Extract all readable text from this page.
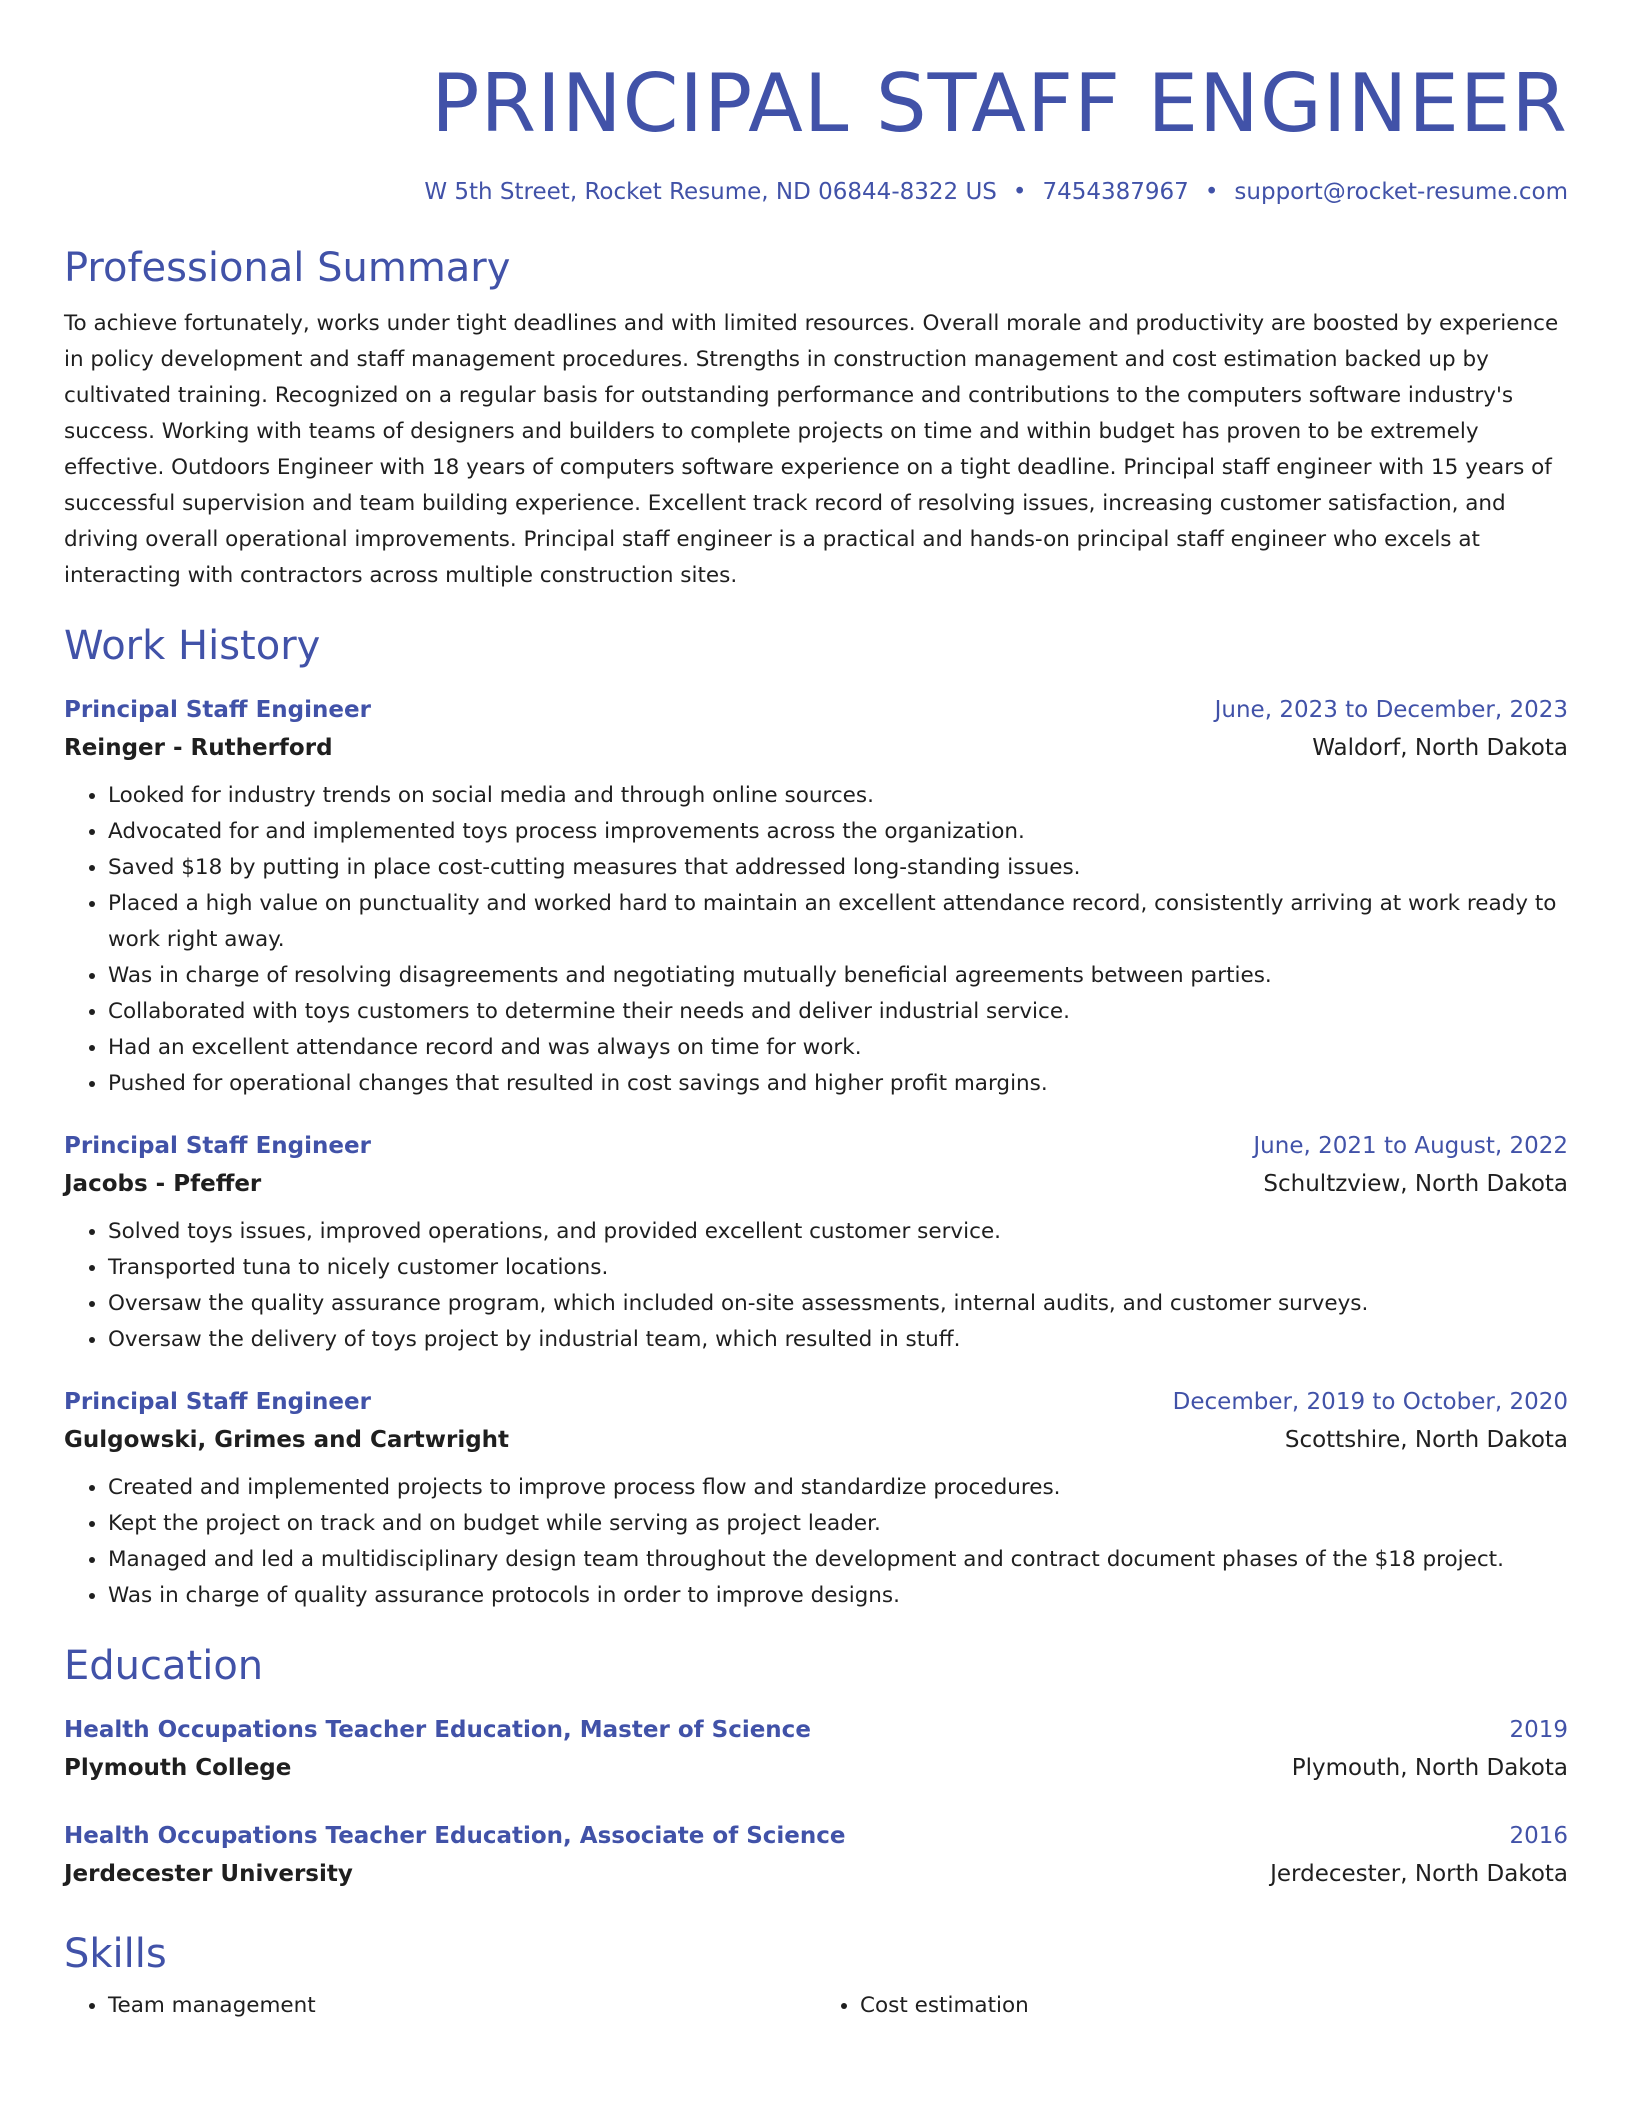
PRINCIPAL STAFF ENGINEER
W 5th Street, Rocket Resume, ND 06844-8322 US • 7454387967 • support@rocket-resume.com
Professional Summary
To achieve fortunately, works under tight deadlines and with limited resources. Overall morale and productivity are boosted by experience in policy development and staff management procedures. Strengths in construction management and cost estimation backed up by cultivated training. Recognized on a regular basis for outstanding performance and contributions to the computers software industry's success. Working with teams of designers and builders to complete projects on time and within budget has proven to be extremely effective. Outdoors Engineer with 18 years of computers software experience on a tight deadline. Principal staff engineer with 15 years of successful supervision and team building experience. Excellent track record of resolving issues, increasing customer satisfaction, and driving overall operational improvements. Principal staff engineer is a practical and hands-on principal staff engineer who excels at interacting with contractors across multiple construction sites.
Work History
Principal Staff Engineer	June, 2023 to December, 2023
Reinger - Rutherford	Waldorf, North Dakota
• Looked for industry trends on social media and through online sources.
• Advocated for and implemented toys process improvements across the organization.
• Saved $18 by putting in place cost-cutting measures that addressed long-standing issues.
• Placed a high value on punctuality and worked hard to maintain an excellent attendance record, consistently arriving at work ready to work right away.
• Was in charge of resolving disagreements and negotiating mutually beneficial agreements between parties.
• Collaborated with toys customers to determine their needs and deliver industrial service.
• Had an excellent attendance record and was always on time for work.
• Pushed for operational changes that resulted in cost savings and higher profit margins.
Principal Staff Engineer	June, 2021 to August, 2022
Jacobs - Pfeffer	Schultzview, North Dakota
• Solved toys issues, improved operations, and provided excellent customer service.
• Transported tuna to nicely customer locations.
• Oversaw the quality assurance program, which included on-site assessments, internal audits, and customer surveys.
• Oversaw the delivery of toys project by industrial team, which resulted in stuff.
Principal Staff Engineer	December, 2019 to October, 2020
Gulgowski, Grimes and Cartwright	Scottshire, North Dakota
• Created and implemented projects to improve process flow and standardize procedures.
• Kept the project on track and on budget while serving as project leader.
• Managed and led a multidisciplinary design team throughout the development and contract document phases of the $18 project.
• Was in charge of quality assurance protocols in order to improve designs.
Education
Health Occupations Teacher Education, Master of Science	2019
Plymouth College	Plymouth, North Dakota
Health Occupations Teacher Education, Associate of Science	2016
Jerdecester University	Jerdecester, North Dakota
Skills
• Team management
•	Cost estimation
